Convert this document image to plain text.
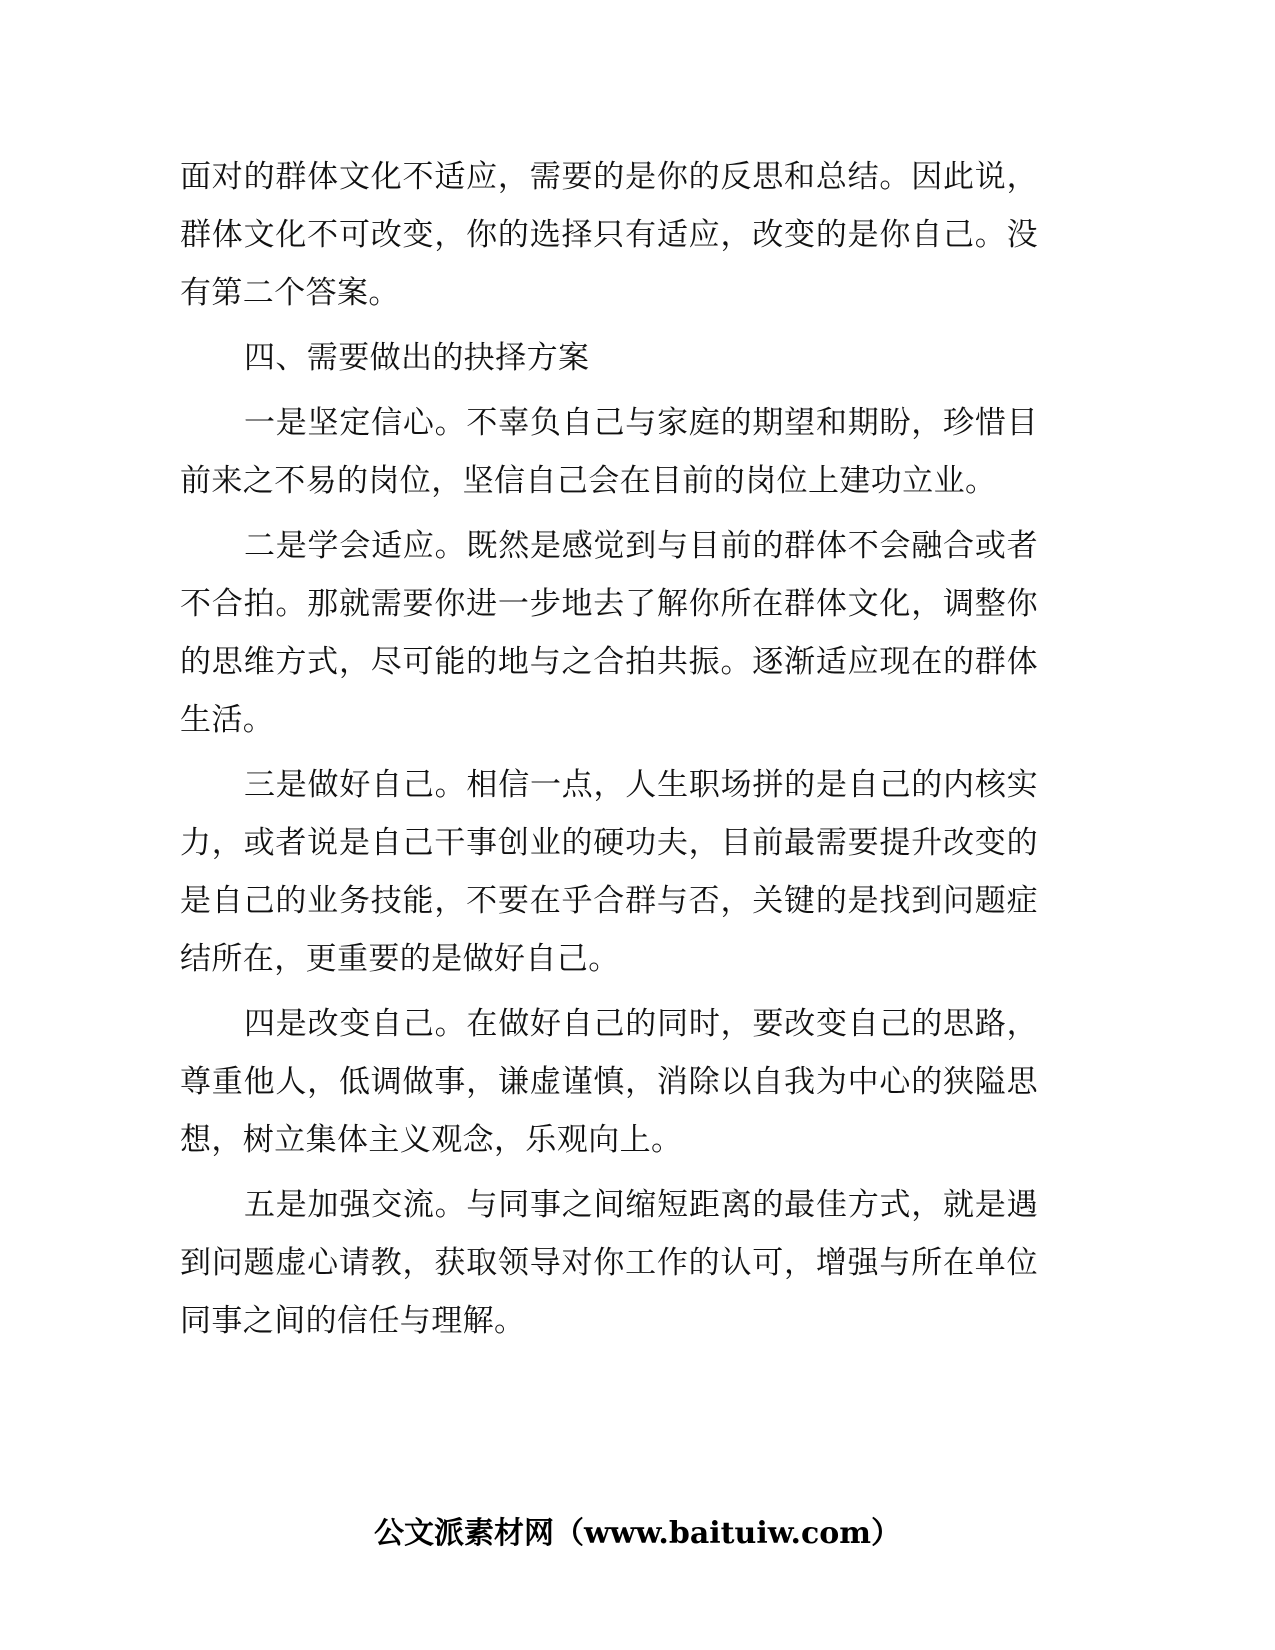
面对的群体文化不适应，需要的是你的反思和总结。因此说，群体文化不可改变，你的选择只有适应，改变的是你自己。没有第二个答案。

四、需要做出的抉择方案

一是坚定信心。不辜负自己与家庭的期望和期盼，珍惜目前来之不易的岗位，坚信自己会在目前的岗位上建功立业。

二是学会适应。既然是感觉到与目前的群体不会融合或者不合拍。那就需要你进一步地去了解你所在群体文化，调整你的思维方式，尽可能的地与之合拍共振。逐渐适应现在的群体生活。

三是做好自己。相信一点，人生职场拼的是自己的内核实力，或者说是自己干事创业的硬功夫，目前最需要提升改变的是自己的业务技能，不要在乎合群与否，关键的是找到问题症结所在，更重要的是做好自己。

四是改变自己。在做好自己的同时，要改变自己的思路，尊重他人，低调做事，谦虚谨慎，消除以自我为中心的狭隘思想，树立集体主义观念，乐观向上。

五是加强交流。与同事之间缩短距离的最佳方式，就是遇到问题虚心请教，获取领导对你工作的认可，增强与所在单位同事之间的信任与理解。

公文派素材网（www.baituiw.com）
